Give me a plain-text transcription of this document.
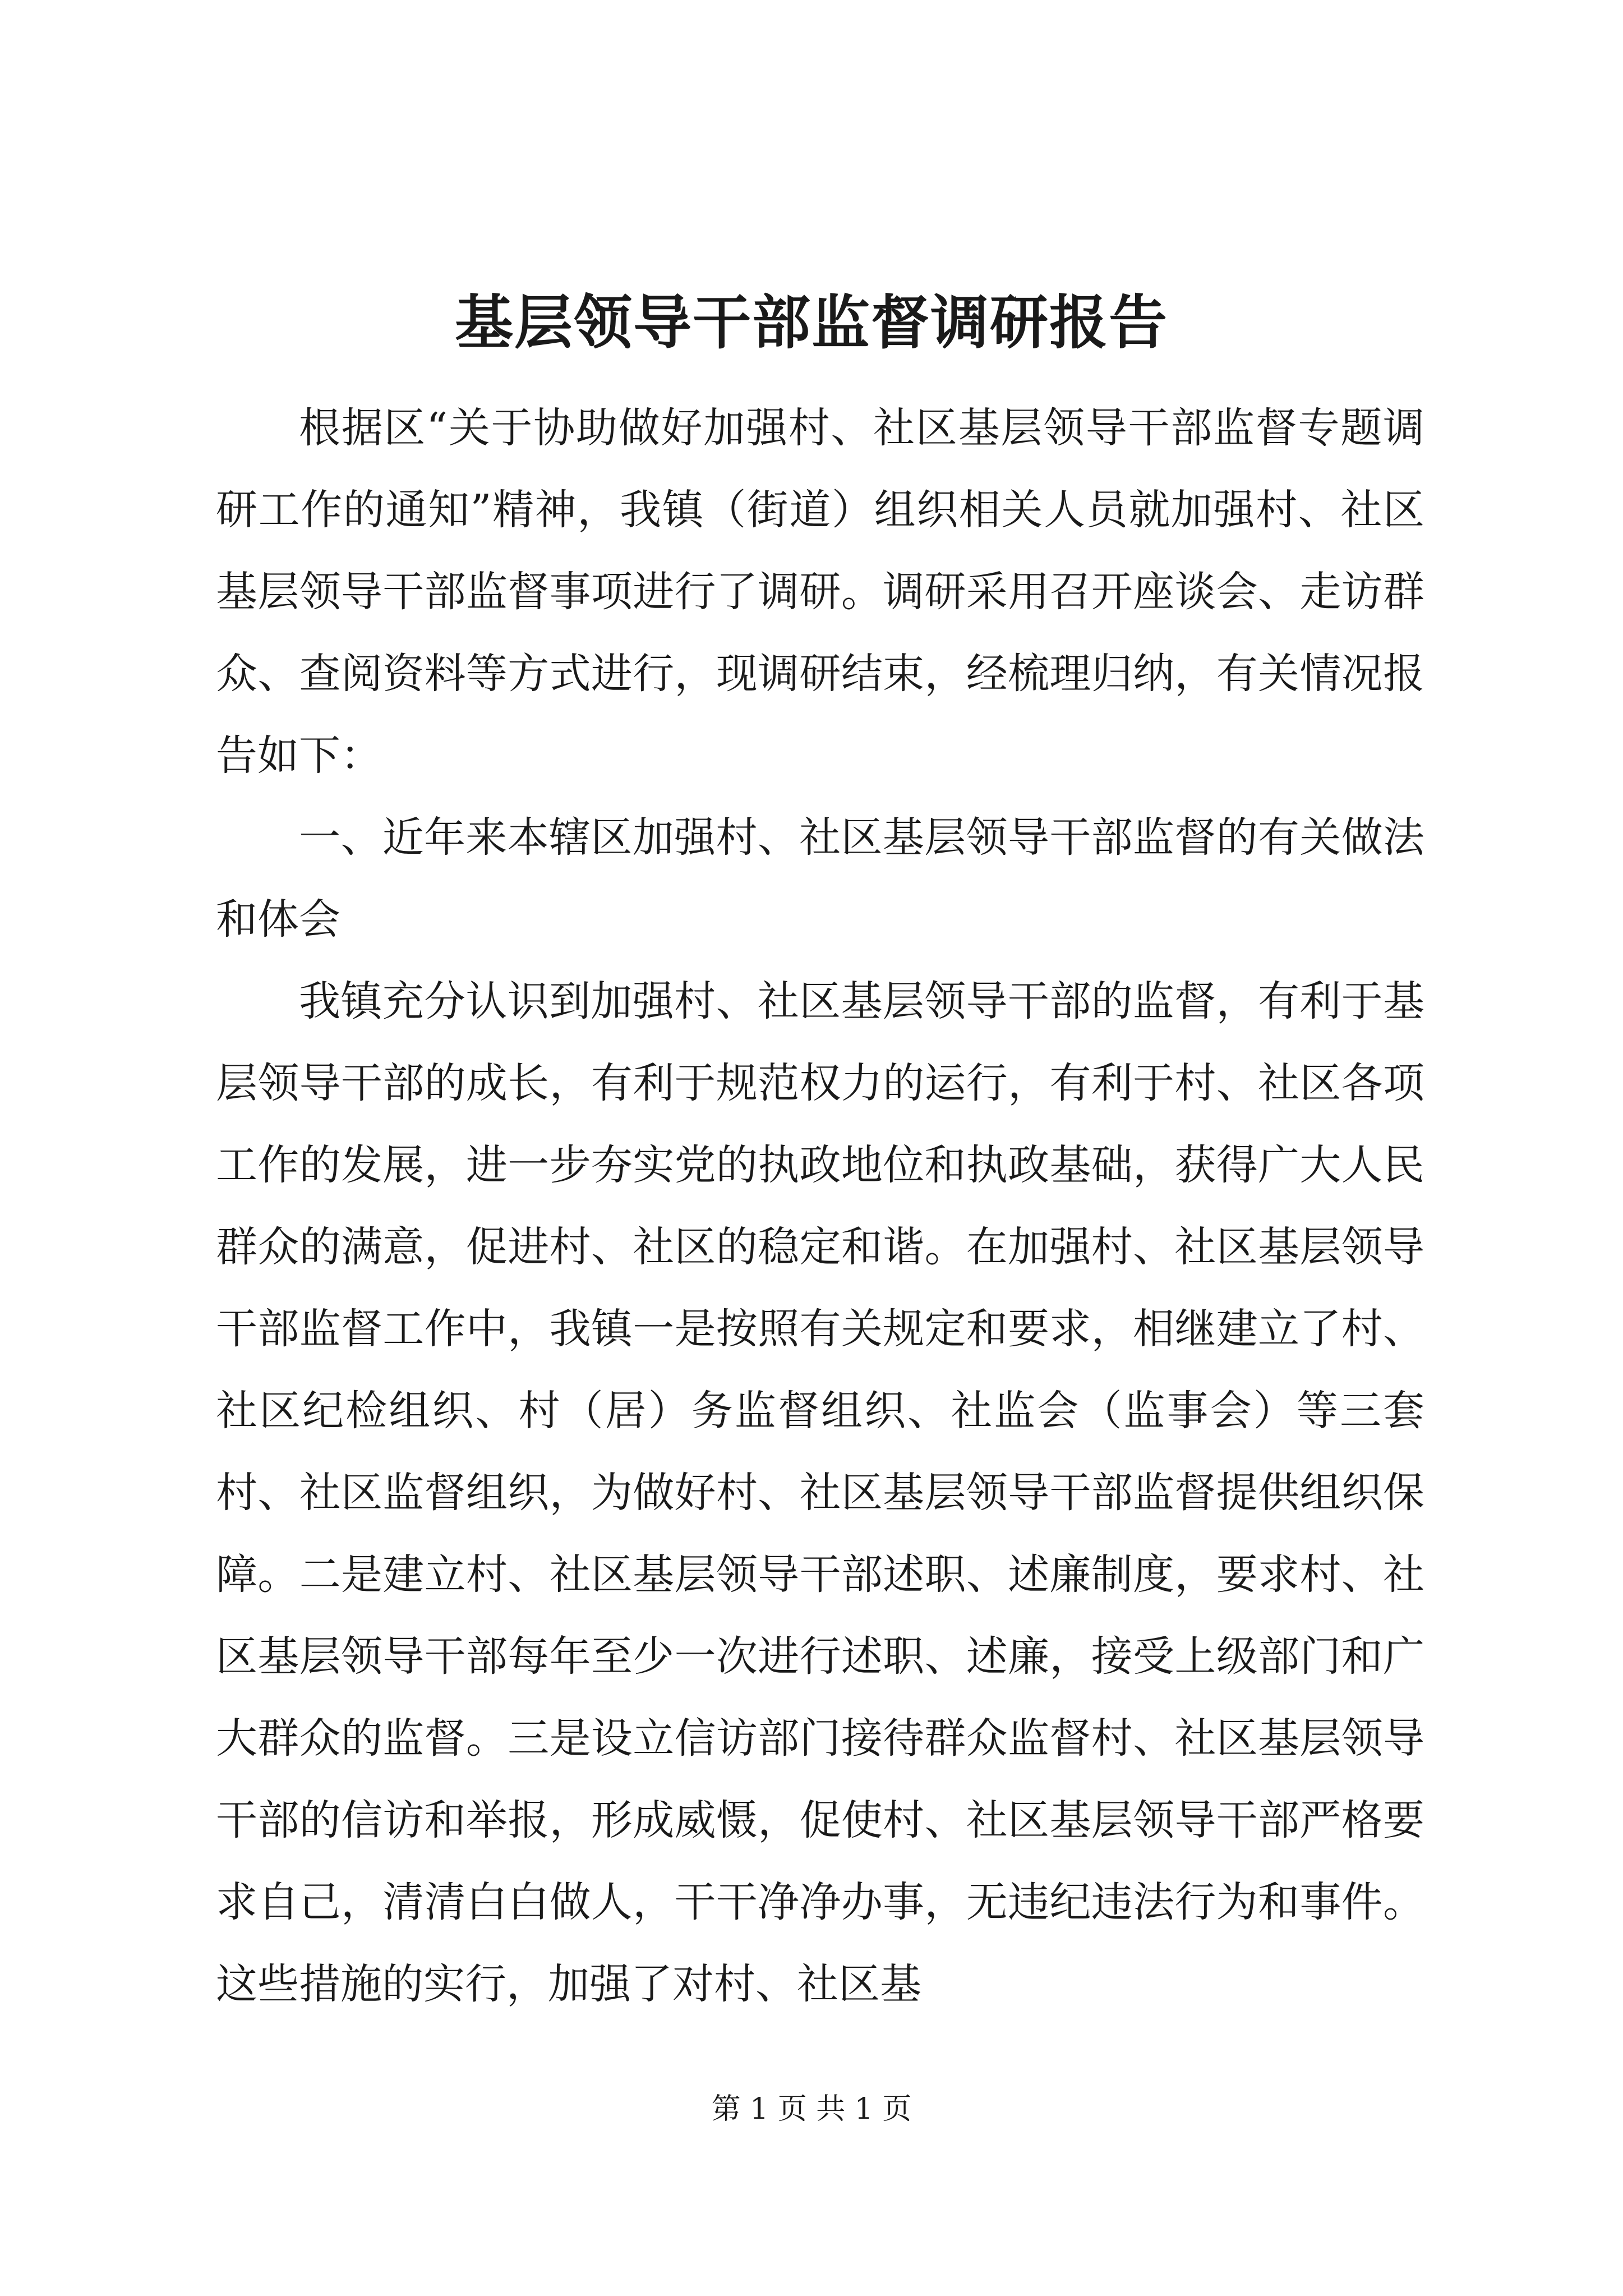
基层领导干部监督调研报告

根据区“关于协助做好加强村、社区基层领导干部监督专题调研工作的通知”精神，我镇（街道）组织相关人员就加强村、社区基层领导干部监督事项进行了调研。调研采用召开座谈会、走访群众、查阅资料等方式进行，现调研结束，经梳理归纳，有关情况报告如下：

一、近年来本辖区加强村、社区基层领导干部监督的有关做法和体会

我镇充分认识到加强村、社区基层领导干部的监督，有利于基层领导干部的成长，有利于规范权力的运行，有利于村、社区各项工作的发展，进一步夯实党的执政地位和执政基础，获得广大人民群众的满意，促进村、社区的稳定和谐。在加强村、社区基层领导干部监督工作中，我镇一是按照有关规定和要求，相继建立了村、社区纪检组织、村（居）务监督组织、社监会（监事会）等三套村、社区监督组织，为做好村、社区基层领导干部监督提供组织保障。二是建立村、社区基层领导干部述职、述廉制度，要求村、社区基层领导干部每年至少一次进行述职、述廉，接受上级部门和广大群众的监督。三是设立信访部门接待群众监督村、社区基层领导干部的信访和举报，形成威慑，促使村、社区基层领导干部严格要求自己，清清白白做人，干干净净办事，无违纪违法行为和事件。这些措施的实行，加强了对村、社区基

第 1 页 共 1 页
